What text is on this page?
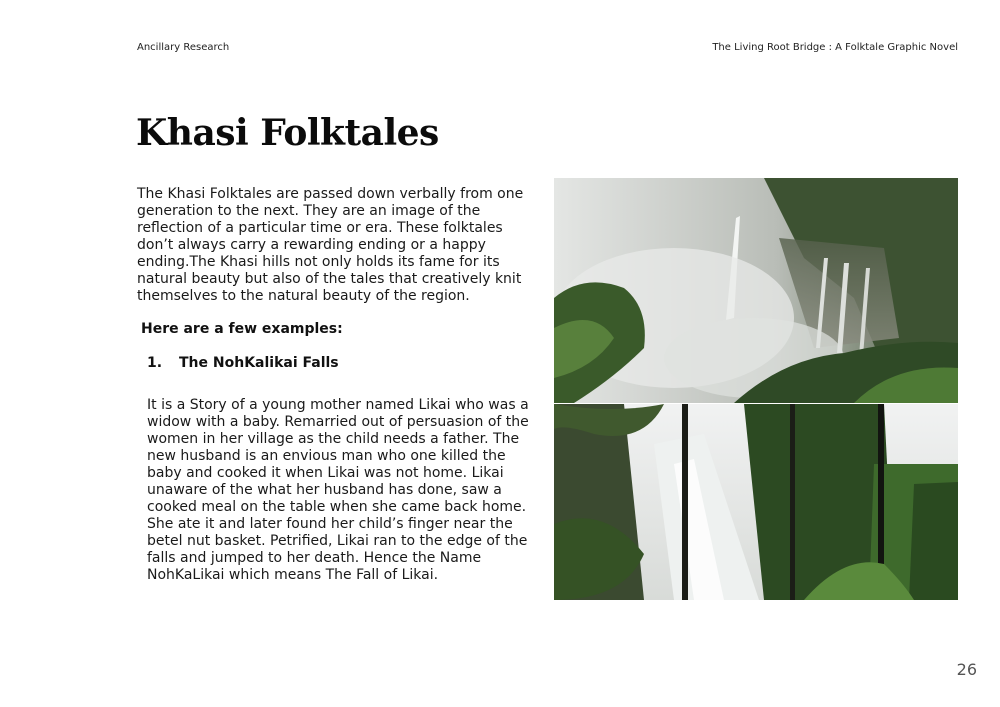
Ancillary Research	The Living Root Bridge : A Folktale Graphic Novel
Khasi Folktales

The Khasi Folktales are passed down verbally from one generation to the next. They are an image of the reflection of a particular time or era. These folktales don’t always carry a rewarding ending or a happy ending.The Khasi hills not only holds its fame for its natural beauty but also of the tales that creatively knit themselves to the natural beauty of the region.

Here are a few examples:

1. The NohKalikai Falls

It is a Story of a young mother named Likai who was a widow with a baby. Remarried out of persuasion of the women in her village as the child needs a father. The new husband is an envious man who one killed the baby and cooked it when Likai was not home. Likai unaware of the what her husband has done, saw a cooked meal on the table when she came back home. She ate it and later found her child’s finger near the betel nut basket. Petrified, Likai ran to the edge of the falls and jumped to her death. Hence the Name NohKaLikai which means The Fall of Likai.

26
